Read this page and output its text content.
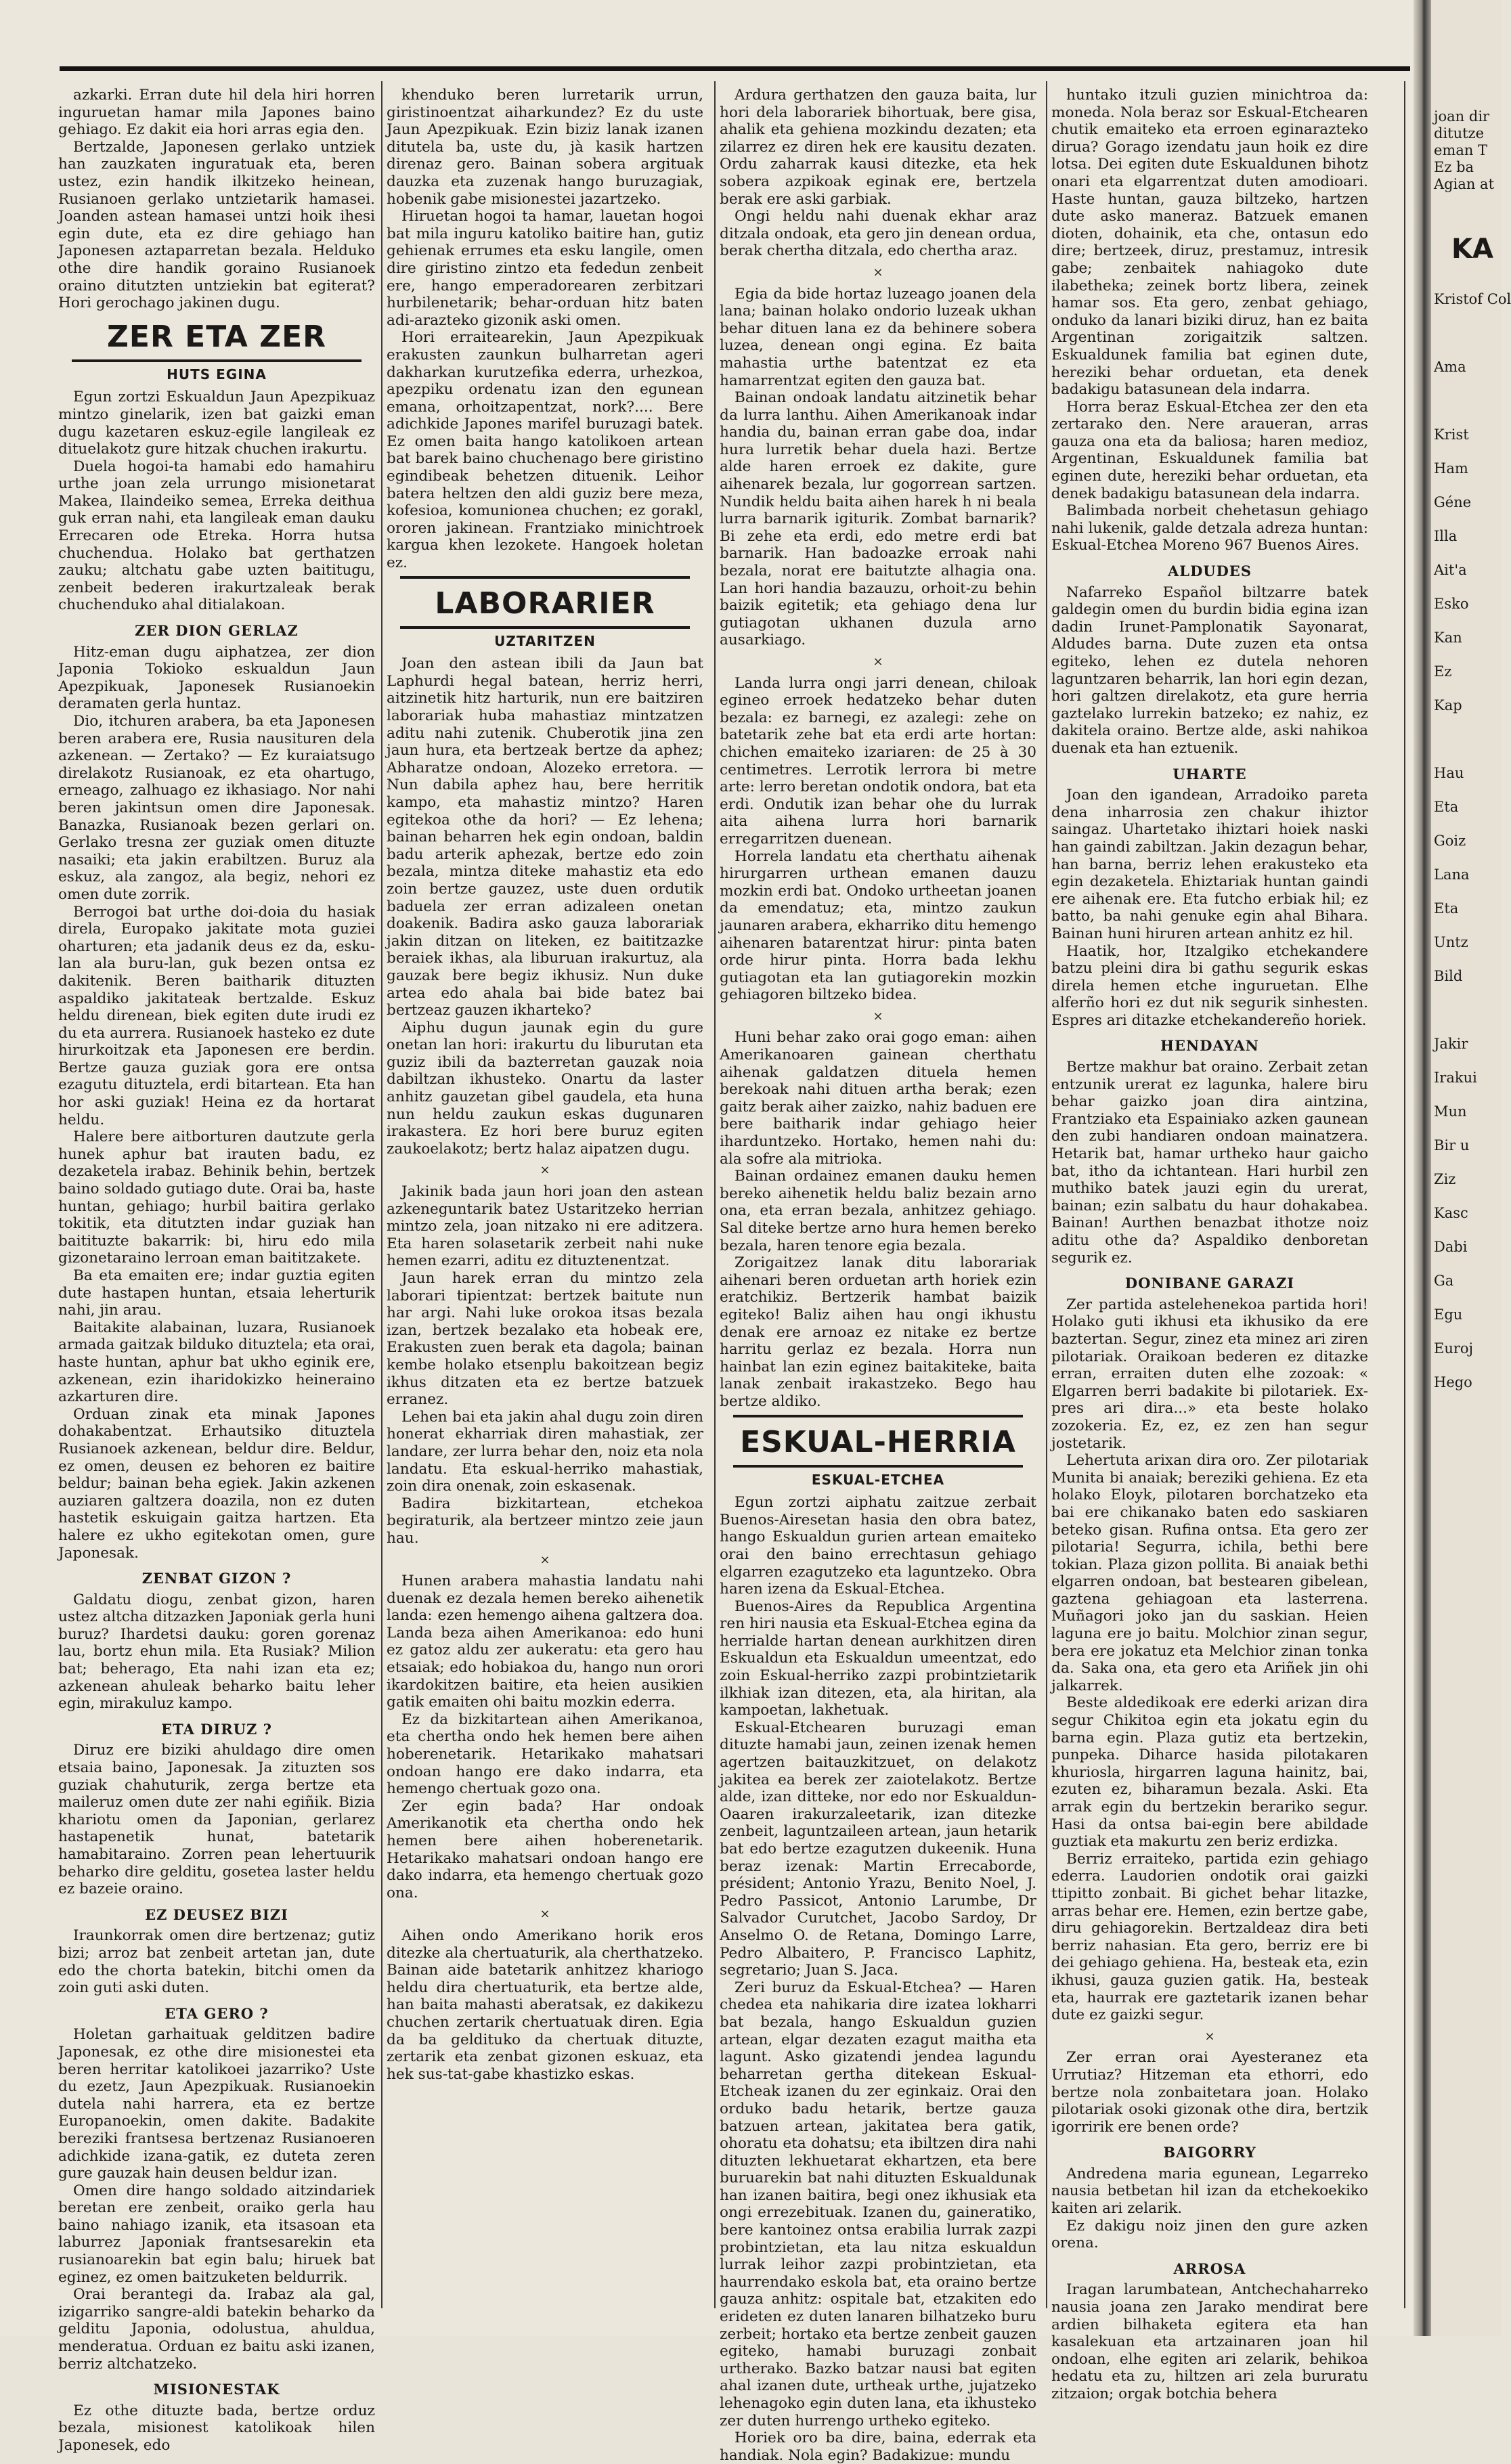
azkarki. Erran dute hil dela hiri horren inguruetan hamar mila Japones baino gehiago. Ez dakit eia hori arras egia den.

Bertzalde, Japonesen gerlako untziek han zauzkaten inguratuak eta, beren ustez, ezin handik ilkitzeko heinean, Rusianoen gerlako untzietarik hamasei. Joanden astean hamasei untzi hoik ihesi egin dute, eta ez dire gehiago han Japonesen aztaparretan bezala. Helduko othe dire handik goraino Rusianoek oraino ditutzten untziekin bat egiterat? Hori gerochago jakinen dugu.

ZER ETA ZER
HUTS EGINA

Egun zortzi Eskualdun Jaun Apezpikuaz mintzo ginelarik, izen bat gaizki eman dugu kazetaren eskuz-egile langileak ez dituelakotz gure hitzak chuchen irakurtu.

Duela hogoi-ta hamabi edo hamahiru urthe joan zela urrungo misionetarat Makea, Ilaindeiko semea, Erreka deithua guk erran nahi, eta langileak eman dauku Errecaren ode Etreka. Horra hutsa chuchendua. Holako bat gerthatzen zauku; altchatu gabe uzten baititugu, zenbeit bederen irakurtzaleak berak chuchenduko ahal ditialakoan.

ZER DION GERLAZ

Hitz-eman dugu aiphatzea, zer dion Japonia Tokioko eskualdun Jaun Apezpikuak, Japonesek Rusianoekin deramaten gerla huntaz.

Dio, itchuren arabera, ba eta Japonesen beren arabera ere, Rusia nausituren dela azkenean. — Zertako? — Ez kuraiatsugo direlakotz Rusianoak, ez eta ohartugo, erneago, zalhuago ez ikhasiago. Nor nahi beren jakintsun omen dire Japonesak. Banazka, Rusianoak bezen gerlari on. Gerlako tresna zer guziak omen dituzte nasaiki; eta jakin erabiltzen. Buruz ala eskuz, ala zangoz, ala begiz, nehori ez omen dute zorrik.

Berrogoi bat urthe doi-doia du hasiak direla, Europako jakitate mota guziei oharturen; eta jadanik deus ez da, esku-lan ala buru-lan, guk bezen ontsa ez dakitenik. Beren baitharik dituzten aspaldiko jakitateak bertzalde. Eskuz heldu direnean, biek egiten dute irudi ez du eta aurrera. Rusianoek hasteko ez dute hirurkoitzak eta Japonesen ere berdin. Bertze gauza guziak gora ere ontsa ezagutu dituztela, erdi bitartean. Eta han hor aski guziak! Heina ez da hortarat heldu.

Halere bere aitborturen dautzute gerla hunek aphur bat irauten badu, ez dezaketela irabaz. Behinik behin, bertzek baino soldado gutiago dute. Orai ba, haste huntan, gehiago; hurbil baitira gerlako tokitik, eta ditutzten indar guziak han baitituzte bakarrik: bi, hiru edo mila gizonetaraino lerroan eman baititzakete.

Ba eta emaiten ere; indar guztia egiten dute hastapen huntan, etsaia leherturik nahi, jin arau.

Baitakite alabainan, luzara, Rusianoek armada gaitzak bilduko dituztela; eta orai, haste huntan, aphur bat ukho eginik ere, azkenean, ezin iharidokizko heineraino azkarturen dire.

Orduan zinak eta minak Japones dohakabentzat. Erhautsiko dituztela Rusianoek azkenean, beldur dire. Beldur, ez omen, deusen ez behoren ez baitire beldur; bainan beha egiek. Jakin azkenen auziaren galtzera doazila, non ez duten hastetik eskuigain gaitza hartzen. Eta halere ez ukho egitekotan omen, gure Japonesak.

ZENBAT GIZON ?

Galdatu diogu, zenbat gizon, haren ustez altcha ditzazken Japoniak gerla huni buruz? Ihardetsi dauku: goren gorenaz lau, bortz ehun mila. Eta Rusiak? Milion bat; beherago, Eta nahi izan eta ez; azkenean ahuleak beharko baitu leher egin, mirakuluz kampo.

ETA DIRUZ ?

Diruz ere biziki ahuldago dire omen etsaia baino, Japonesak. Ja zituzten sos guziak chahuturik, zerga bertze eta maileruz omen dute zer nahi egiñik. Bizia khariotu omen da Japonian, gerlarez hastapenetik hunat, batetarik hamabitaraino. Zorren pean lehertuurik beharko dire gelditu, gosetea laster heldu ez bazeie oraino.

EZ DEUSEZ BIZI

Iraunkorrak omen dire bertzenaz; gutiz bizi; arroz bat zenbeit artetan jan, dute edo the chorta batekin, bitchi omen da zoin guti aski duten.

ETA GERO ?

Holetan garhaituak gelditzen badire Japonesak, ez othe dire misionestei eta beren herritar katolikoei jazarriko? Uste du ezetz, Jaun Apezpikuak. Rusianoekin dutela nahi harrera, eta ez bertze Europanoekin, omen dakite. Badakite bereziki frantsesa bertzenaz Rusianoeren adichkide izana-gatik, ez duteta zeren gure gauzak hain deusen beldur izan.

Omen dire hango soldado aitzindariek beretan ere zenbeit, oraiko gerla hau baino nahiago izanik, eta itsasoan eta laburrez Japoniak frantsesarekin eta rusianoarekin bat egin balu; hiruek bat eginez, ez omen baitzuketen beldurrik.

Orai berantegi da. Irabaz ala gal, izigarriko sangre-aldi batekin beharko da gelditu Japonia, odolustua, ahuldua, menderatua. Orduan ez baitu aski izanen, berriz altchatzeko.

MISIONESTAK

Ez othe dituzte bada, bertze orduz bezala, misionest katolikoak hilen Japonesek, edo

khenduko beren lurretarik urrun, giristinoentzat aiharkundez? Ez du uste Jaun Apezpikuak. Ezin biziz lanak izanen ditutela ba, uste du, jà kasik hartzen direnaz gero. Bainan sobera argituak dauzka eta zuzenak hango buruzagiak, hobenik gabe misionestei jazartzeko.

Hiruetan hogoi ta hamar, lauetan hogoi bat mila inguru katoliko baitire han, gutiz gehienak errumes eta esku langile, omen dire giristino zintzo eta fededun zenbeit ere, hango emperadorearen zerbitzari hurbilenetarik; behar-orduan hitz baten adi-arazteko gizonik aski omen.

Hori erraitearekin, Jaun Apezpikuak erakusten zaunkun bulharretan ageri dakharkan kurutzefika ederra, urhezkoa, apezpiku ordenatu izan den egunean emana, orhoitzapentzat, nork?.... Bere adichkide Japones marifel buruzagi batek. Ez omen baita hango katolikoen artean bat barek baino chuchenago bere giristino egindibeak behetzen dituenik. Leihor batera heltzen den aldi guziz bere meza, kofesioa, komunionea chuchen; ez gorakl, ororen jakinean. Frantziako minichtroek kargua khen lezokete. Hangoek holetan ez.

LABORARIER
UZTARITZEN

Joan den astean ibili da Jaun bat Laphurdi hegal batean, herriz herri, aitzinetik hitz harturik, nun ere baitziren laborariak huba mahastiaz mintzatzen aditu nahi zutenik. Chuberotik jina zen jaun hura, eta bertzeak bertze da aphez; Abharatze ondoan, Alozeko erretora. — Nun dabila aphez hau, bere herritik kampo, eta mahastiz mintzo? Haren egitekoa othe da hori? — Ez lehena; bainan beharren hek egin ondoan, baldin badu arterik aphezak, bertze edo zoin bezala, mintza diteke mahastiz eta edo zoin bertze gauzez, uste duen ordutik baduela zer erran adizaleen onetan doakenik. Badira asko gauza laborariak jakin ditzan on liteken, ez baititzazke beraiek ikhas, ala liburuan irakurtuz, ala gauzak bere begiz ikhusiz. Nun duke artea edo ahala bai bide batez bai bertzeaz gauzen ikharteko?

Aiphu dugun jaunak egin du gure onetan lan hori: irakurtu du liburutan eta guziz ibili da bazterretan gauzak noia dabiltzan ikhusteko. Onartu da laster anhitz gauzetan gibel gaudela, eta huna nun heldu zaukun eskas dugunaren irakastera. Ez hori bere buruz egiten zaukoelakotz; bertz halaz aipatzen dugu.

×

Jakinik bada jaun hori joan den astean azkeneguntarik batez Ustaritzeko herrian mintzo zela, joan nitzako ni ere aditzera. Eta haren solasetarik zerbeit nahi nuke hemen ezarri, aditu ez dituztenentzat.

Jaun harek erran du mintzo zela laborari tipientzat: bertzek baitute nun har argi. Nahi luke orokoa itsas bezala izan, bertzek bezalako eta hobeak ere, Erakusten zuen berak eta dagola; bainan kembe holako etsenplu bakoitzean begiz ikhus ditzaten eta ez bertze batzuek erranez.

Lehen bai eta jakin ahal dugu zoin diren honerat ekharriak diren mahastiak, zer landare, zer lurra behar den, noiz eta nola landatu. Eta eskual-herriko mahastiak, zoin dira onenak, zoin eskasenak.

Badira bizkitartean, etchekoa begiraturik, ala bertzeer mintzo zeie jaun hau.

×

Hunen arabera mahastia landatu nahi duenak ez dezala hemen bereko aihenetik landa: ezen hemengo aihena galtzera doa. Landa beza aihen Amerikanoa: edo huni ez gatoz aldu zer aukeratu: eta gero hau etsaiak; edo hobiakoa du, hango nun orori ikardokitzen baitire, eta heien ausikien gatik emaiten ohi baitu mozkin ederra.

Ez da bizkitartean aihen Amerikanoa, eta chertha ondo hek hemen bere aihen hoberenetarik. Hetarikako mahatsari ondoan hango ere dako indarra, eta hemengo chertuak gozo ona.

Zer egin bada? Har ondoak Amerikanotik eta chertha ondo hek hemen bere aihen hoberenetarik. Hetarikako mahatsari ondoan hango ere dako indarra, eta hemengo chertuak gozo ona.

×

Aihen ondo Amerikano horik eros ditezke ala chertuaturik, ala cherthatzeko. Bainan aide batetarik anhitzez khariogo heldu dira chertuaturik, eta bertze alde, han baita mahasti aberatsak, ez dakikezu chuchen zertarik chertuatuak diren. Egia da ba geldituko da chertuak dituzte, zertarik eta zenbat gizonen eskuaz, eta hek sus-tat-gabe khastizko eskas.

Ardura gerthatzen den gauza baita, lur hori dela laborariek bihortuak, bere gisa, ahalik eta gehiena mozkindu dezaten; eta zilarrez ez diren hek ere kausitu dezaten. Ordu zaharrak kausi ditezke, eta hek sobera azpikoak eginak ere, bertzela berak ere aski garbiak.

Ongi heldu nahi duenak ekhar araz ditzala ondoak, eta gero jin denean ordua, berak chertha ditzala, edo chertha araz.

×

Egia da bide hortaz luzeago joanen dela lana; bainan holako ondorio luzeak ukhan behar dituen lana ez da behinere sobera luzea, denean ongi egina. Ez baita mahastia urthe batentzat ez eta hamarrentzat egiten den gauza bat.

Bainan ondoak landatu aitzinetik behar da lurra lanthu. Aihen Amerikanoak indar handia du, bainan erran gabe doa, indar hura lurretik behar duela hazi. Bertze alde haren erroek ez dakite, gure aihenarek bezala, lur gogorrean sartzen. Nundik heldu baita aihen harek h ni beala lurra barnarik igiturik. Zombat barnarik? Bi zehe eta erdi, edo metre erdi bat barnarik. Han badoazke erroak nahi bezala, norat ere baitutzte alhagia ona. Lan hori handia bazauzu, orhoit-zu behin baizik egitetik; eta gehiago dena lur gutiagotan ukhanen duzula arno ausarkiago.

×

Landa lurra ongi jarri denean, chiloak egineo erroek hedatzeko behar duten bezala: ez barnegi, ez azalegi: zehe on batetarik zehe bat eta erdi arte hortan: chichen emaiteko izariaren: de 25 à 30 centimetres. Lerrotik lerrora bi metre arte: lerro beretan ondotik ondora, bat eta erdi. Ondutik izan behar ohe du lurrak aita aihena lurra hori barnarik erregarritzen duenean.

Horrela landatu eta cherthatu aihenak hirurgarren urthean emanen dauzu mozkin erdi bat. Ondoko urtheetan joanen da emendatuz; eta, mintzo zaukun jaunaren arabera, ekharriko ditu hemengo aihenaren batarentzat hirur: pinta baten orde hirur pinta. Horra bada lekhu gutiagotan eta lan gutiagorekin mozkin gehiagoren biltzeko bidea.

×

Huni behar zako orai gogo eman: aihen Amerikanoaren gainean cherthatu aihenak galdatzen dituela hemen berekoak nahi dituen artha berak; ezen gaitz berak aiher zaizko, nahiz baduen ere bere baitharik indar gehiago heier iharduntzeko. Hortako, hemen nahi du: ala sofre ala mitrioka.

Bainan ordainez emanen dauku hemen bereko aihenetik heldu baliz bezain arno ona, eta erran bezala, anhitzez gehiago. Sal diteke bertze arno hura hemen bereko bezala, haren tenore egia bezala.

Zorigaitzez lanak ditu laborariak aihenari beren orduetan arth horiek ezin eratchikiz. Bertzerik hambat baizik egiteko! Baliz aihen hau ongi ikhustu denak ere arnoaz ez nitake ez bertze harritu gerlaz ez bezala. Horra nun hainbat lan ezin eginez baitakiteke, baita lanak zenbait irakastzeko. Bego hau bertze aldiko.

ESKUAL-HERRIA
ESKUAL-ETCHEA

Egun zortzi aiphatu zaitzue zerbait Buenos-Airesetan hasia den obra batez, hango Eskualdun gurien artean emaiteko orai den baino errechtasun gehiago elgarren ezagutzeko eta laguntzeko. Obra haren izena da Eskual-Etchea.

Buenos-Aires da Republica Argentina ren hiri nausia eta Eskual-Etchea egina da herrialde hartan denean aurkhitzen diren Eskualdun eta Eskualdun umeentzat, edo zoin Eskual-herriko zazpi probintzietarik ilkhiak izan ditezen, eta, ala hiritan, ala kampoetan, lakhetuak.

Eskual-Etchearen buruzagi eman dituzte hamabi jaun, zeinen izenak hemen agertzen baitauzkitzuet, on delakotz jakitea ea berek zer zaiotelakotz. Bertze alde, izan ditteke, nor edo nor Eskualdun-Oaaren irakurzaleetarik, izan ditezke zenbeit, laguntzaileen artean, jaun hetarik bat edo bertze ezagutzen dukeenik. Huna beraz izenak: Martin Errecaborde, président; Antonio Yrazu, Benito Noel, J. Pedro Passicot, Antonio Larumbe, Dr Salvador Curutchet, Jacobo Sardoy, Dr Anselmo O. de Retana, Domingo Larre, Pedro Albaitero, P. Francisco Laphitz, segretario; Juan S. Jaca.

Zeri buruz da Eskual-Etchea? — Haren chedea eta nahikaria dire izatea lokharri bat bezala, hango Eskualdun guzien artean, elgar dezaten ezagut maitha eta lagunt. Asko gizatendi jendea lagundu beharretan gertha ditekean Eskual-Etcheak izanen du zer eginkaiz. Orai den orduko badu hetarik, bertze gauza batzuen artean, jakitatea bera gatik, ohoratu eta dohatsu; eta ibiltzen dira nahi dituzten lekhuetarat ekhartzen, eta bere buruarekin bat nahi dituzten Eskualdunak han izanen baitira, begi onez ikhusiak eta ongi errezebituak. Izanen du, gaineratiko, bere kantoinez ontsa erabilia lurrak zazpi probintzietan, eta lau nitza eskualdun lurrak leihor zazpi probintzietan, eta haurrendako eskola bat, eta oraino bertze gauza anhitz: ospitale bat, etzakiten edo erideten ez duten lanaren bilhatzeko buru zerbeit; hortako eta bertze zenbeit gauzen egiteko, hamabi buruzagi zonbait urtherako. Bazko batzar nausi bat egiten ahal izanen dute, urtheak urthe, jujatzeko lehenagoko egin duten lana, eta ikhusteko zer duten hurrengo urtheko egiteko.

Horiek oro ba dire, baina, ederrak eta handiak. Nola egin? Badakizue: mundu

huntako itzuli guzien minichtroa da: moneda. Nola beraz sor Eskual-Etchearen chutik emaiteko eta erroen eginarazteko dirua? Gorago izendatu jaun hoik ez dire lotsa. Dei egiten dute Eskualdunen bihotz onari eta elgarrentzat duten amodioari. Haste huntan, gauza biltzeko, hartzen dute asko maneraz. Batzuek emanen dioten, dohainik, eta che, ontasun edo dire; bertzeek, diruz, prestamuz, intresik gabe; zenbaitek nahiagoko dute ilabetheka; zeinek bortz libera, zeinek hamar sos. Eta gero, zenbat gehiago, onduko da lanari biziki diruz, han ez baita Argentinan zorigaitzik saltzen. Eskualdunek familia bat eginen dute, hereziki behar orduetan, eta denek badakigu batasunean dela indarra.

Horra beraz Eskual-Etchea zer den eta zertarako den. Nere araueran, arras gauza ona eta da baliosa; haren medioz, Argentinan, Eskualdunek familia bat eginen dute, hereziki behar orduetan, eta denek badakigu batasunean dela indarra.

Balimbada norbeit chehetasun gehiago nahi lukenik, galde detzala adreza huntan: Eskual-Etchea Moreno 967 Buenos Aires.

ALDUDES

Nafarreko Español biltzarre batek galdegin omen du burdin bidia egina izan dadin Irunet-Pamplonatik Sayonarat, Aldudes barna. Dute zuzen eta ontsa egiteko, lehen ez dutela nehoren laguntzaren beharrik, lan hori egin dezan, hori galtzen direlakotz, eta gure herria gaztelako lurrekin batzeko; ez nahiz, ez dakitela oraino. Bertze alde, aski nahikoa duenak eta han eztuenik.

UHARTE

Joan den igandean, Arradoiko pareta dena inharrosia zen chakur ihiztor saingaz. Uhartetako ihiztari hoiek naski han gaindi zabiltzan. Jakin dezagun behar, han barna, berriz lehen erakusteko eta egin dezaketela. Ehiztariak huntan gaindi ere aihenak ere. Eta futcho erbiak hil; ez batto, ba nahi genuke egin ahal Bihara. Bainan huni hiruren artean anhitz ez hil.

Haatik, hor, Itzalgiko etchekandere batzu pleini dira bi gathu segurik eskas direla hemen etche inguruetan. Elhe alferño hori ez dut nik segurik sinhesten. Espres ari ditazke etchekandereño horiek.

HENDAYAN

Bertze makhur bat oraino. Zerbait zetan entzunik urerat ez lagunka, halere biru behar gaizko joan dira aintzina, Frantziako eta Espainiako azken gaunean den zubi handiaren ondoan mainatzera. Hetarik bat, hamar urtheko haur gaicho bat, itho da ichtantean. Hari hurbil zen muthiko batek jauzi egin du urerat, bainan; ezin salbatu du haur dohakabea. Bainan! Aurthen benazbat ithotze noiz aditu othe da? Aspaldiko denboretan segurik ez.

DONIBANE GARAZI

Zer partida astelehenekoa partida hori! Holako guti ikhusi eta ikhusiko da ere baztertan. Segur, zinez eta minez ari ziren pilotariak. Oraikoan bederen ez ditazke erran, erraiten duten elhe zozoak: « Elgarren berri badakite bi pilotariek. Ex-pres ari dira...» eta beste holako zozokeria. Ez, ez, ez zen han segur jostetarik.

Lehertuta arixan dira oro. Zer pilotariak Munita bi anaiak; bereziki gehiena. Ez eta holako Eloyk, pilotaren borchatzeko eta bai ere chikanako baten edo saskiaren beteko gisan. Rufina ontsa. Eta gero zer pilotaria! Segurra, ichila, bethi bere tokian. Plaza gizon pollita. Bi anaiak bethi elgarren ondoan, bat bestearen gibelean, gaztena gehiagoan eta lasterrena. Muñagori joko jan du saskian. Heien laguna ere jo baitu. Molchior zinan segur, bera ere jokatuz eta Melchior zinan tonka da. Saka ona, eta gero eta Ariñek jin ohi jalkarrek.

Beste aldedikoak ere ederki arizan dira segur Chikitoa egin eta jokatu egin du barna egin. Plaza gutiz eta bertzekin, punpeka. Diharce hasida pilotakaren khuriosla, hirgarren laguna hainitz, bai, ezuten ez, biharamun bezala. Aski. Eta arrak egin du bertzekin berariko segur. Hasi da ontsa bai-egin bere abildade guztiak eta makurtu zen beriz erdizka.

Berriz erraiteko, partida ezin gehiago ederra. Laudorien ondotik orai gaizki ttipitto zonbait. Bi gichet behar litazke, arras behar ere. Hemen, ezin bertze gabe, diru gehiagorekin. Bertzaldeaz dira beti berriz nahasian. Eta gero, berriz ere bi dei gehiago gehiena. Ha, besteak eta, ezin ikhusi, gauza guzien gatik. Ha, besteak eta, haurrak ere gaztetarik izanen behar dute ez gaizki segur.

×

Zer erran orai Ayesteranez eta Urrutiaz? Hitzeman eta ethorri, edo bertze nola zonbaitetara joan. Holako pilotariak osoki gizonak othe dira, bertzik igorririk ere benen orde?

BAIGORRY

Andredena maria egunean, Legarreko nausia betbetan hil izan da etchekoekiko kaiten ari zelarik.

Ez dakigu noiz jinen den gure azken orena.

ARROSA

Iragan larumbatean, Antchechaharreko nausia joana zen Jarako mendirat bere ardien bilhaketa egitera eta han kasalekuan eta artzainaren joan hil ondoan, elhe egiten ari zelarik, behikoa hedatu eta zu, hiltzen ari zela bururatu zitzaion; orgak botchia behera

joan dir
ditutze
eman T
Ez ba
Agian at
KA
Kristof Col
Ama
Krist
Ham
Géne
Illa
Ait'a
Esko
Kan
Ez
Kap
Hau
Eta
Goiz
Lana
Eta
Untz
Bild
Jakir
Irakui
Mun
Bir u
Ziz
Kasc
Dabi
Ga
Egu
Euroj
Hego
